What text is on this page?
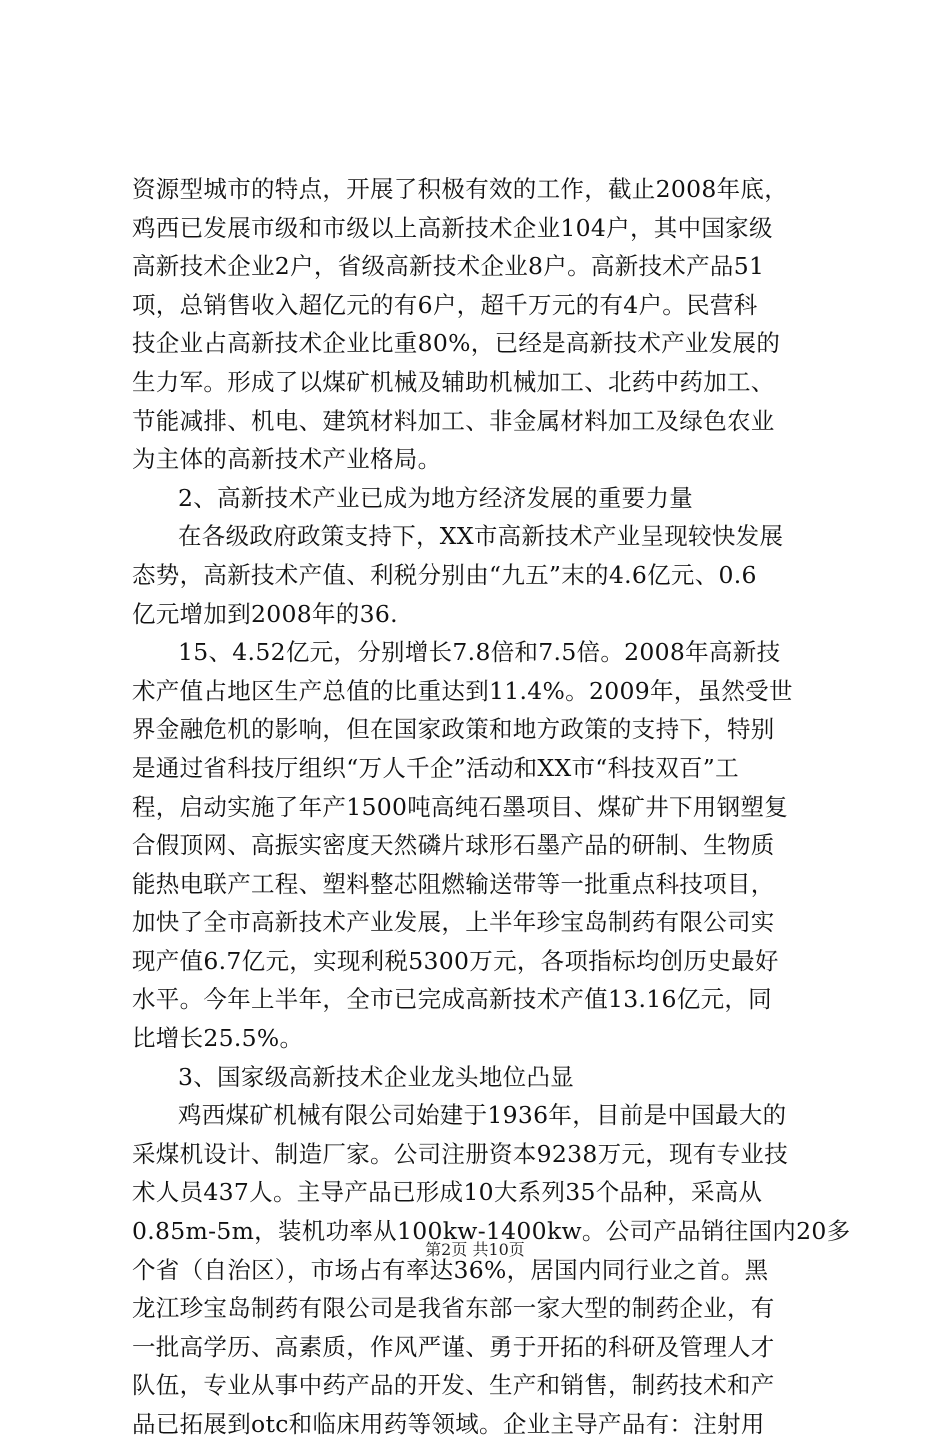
资源型城市的特点，开展了积极有效的工作，截止2008年底，
鸡西已发展市级和市级以上高新技术企业104户，其中国家级
高新技术企业2户，省级高新技术企业8户。高新技术产品51
项，总销售收入超亿元的有6户，超千万元的有4户。民营科
技企业占高新技术企业比重80%，已经是高新技术产业发展的
生力军。形成了以煤矿机械及辅助机械加工、北药中药加工、
节能减排、机电、建筑材料加工、非金属材料加工及绿色农业
为主体的高新技术产业格局。
2、高新技术产业已成为地方经济发展的重要力量
在各级政府政策支持下，XX市高新技术产业呈现较快发展
态势，高新技术产值、利税分别由“九五”末的4.6亿元、0.6
亿元增加到2008年的36.
15、4.52亿元，分别增长7.8倍和7.5倍。2008年高新技
术产值占地区生产总值的比重达到11.4%。2009年，虽然受世
界金融危机的影响，但在国家政策和地方政策的支持下，特别
是通过省科技厅组织“万人千企”活动和XX市“科技双百”工
程，启动实施了年产1500吨高纯石墨项目、煤矿井下用钢塑复
合假顶网、高振实密度天然磷片球形石墨产品的研制、生物质
能热电联产工程、塑料整芯阻燃输送带等一批重点科技项目，
加快了全市高新技术产业发展，上半年珍宝岛制药有限公司实
现产值6.7亿元，实现利税5300万元，各项指标均创历史最好
水平。今年上半年，全市已完成高新技术产值13.16亿元，同
比增长25.5%。
3、国家级高新技术企业龙头地位凸显
鸡西煤矿机械有限公司始建于1936年，目前是中国最大的
采煤机设计、制造厂家。公司注册资本9238万元，现有专业技
术人员437人。主导产品已形成10大系列35个品种，采高从
0.85m-5m，装机功率从100kw-1400kw。公司产品销往国内20多
个省（自治区），市场占有率达36%，居国内同行业之首。黑
龙江珍宝岛制药有限公司是我省东部一家大型的制药企业，有
一批高学历、高素质，作风严谨、勇于开拓的科研及管理人才
队伍，专业从事中药产品的开发、生产和销售，制药技术和产
品已拓展到otc和临床用药等领域。企业主导产品有：注射用
第2页 共10页
